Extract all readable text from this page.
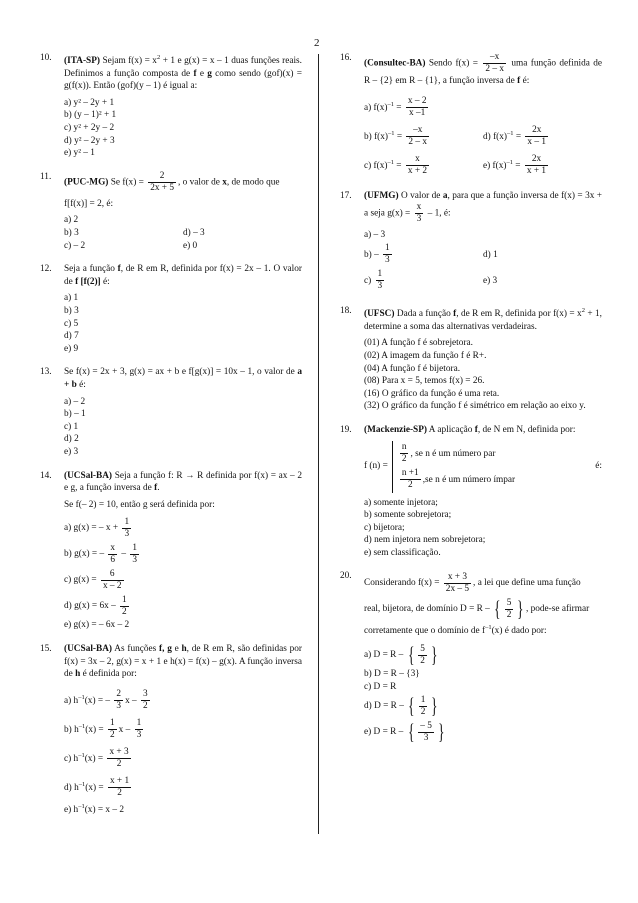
2
10. (ITA-SP) Sejam $f(x) = x^2 + 1$ e g(x) = x – 1 duas funções reais. Definimos a função composta de f e g como sendo (gof)(x) = g(f(x)). Então (gof)(y – 1) é igual a:
a) y² – 2y + 1
b) (y – 1)² + 1
c) y² + 2y – 2
d) y² – 2y + 3
e) y² – 1
11.
(PUC-MG) Se $f(x) = \frac{2}{2x + 5}$ , o valor de x, de modo que
f[f(x)] = 2, é:
a) 2
b) 3	d) – 3
c) – 2	e) 0
12. Seja a função f, de R em R, definida por f(x) = 2x – 1. O valor de f [f(2)] é:
a) 1
b) 3
c) 5
d) 7
e) 9
13. Se f(x) = 2x + 3, g(x) = ax + b e f[g(x)] = 10x – 1, o valor de a + b é:
a) – 2
b) – 1
c) 1
d) 2
e) 3
14. (UCSal-BA) Seja a função f: R → R definida por f(x) = ax – 2 e g, a função inversa de f.
Se f(– 2) = 10, então g será definida por:
a) g(x) = – $x + \frac{1}{3}$
b) g(x) = – $\frac{x}{6} - \frac{1}{3}$
c) $g(x) = \frac{6}{x - 2}$
d) $g(x) = 6x - \frac{1}{2}$
e) g(x) = – 6x – 2
15. (UCSal-BA) As funções f, g e h, de R em R, são definidas por f(x) = 3x – 2, g(x) = x + 1 e h(x) = f(x) – g(x). A função inversa de h é definida por:
a) $h^{-1}(x)$ = – $\frac{2}{3}$ x – $\frac{3}{2}$
b) $h^{-1}(x) = \frac{1}{2}$ x – $\frac{1}{3}$
c) $h^{-1}(x) = \frac{x + 3}{2}$
d) $h^{-1}(x) = \frac{x + 1}{2}$
e) $h^{-1}(x) = x - 2$
16.
(Consultec-BA) Sendo $f(x) = \frac{-x}{2 - x}$ uma função definida de R – {2} em R – {1}, a função inversa de f é:
a) $f(x)^{-1} = \frac{x - 2}{x -1}$
b) $f(x)^{-1} = \frac{-x}{2 - x}$	d) $f(x)^{-1} = \frac{2x}{x - 1}$
c) $f(x)^{-1} = \frac{x}{x + 2}$	e) $f(x)^{-1} = \frac{2x}{x + 1}$
17. (UFMG) O valor de a, para que a função inversa de f(x) = 3x + a seja $g(x) = \frac{x}{3} - 1$, é:
a) – 3
$b) - \frac{1}{3}$	d) 1
$c) \frac{1}{3}$	e) 3
18. (UFSC) Dada a função f, de R em R, definida por $f(x) = x^2 + 1$, determine a soma das alternativas verdadeiras.
(01) A função f é sobrejetora.
(02) A imagem da função f é R+.
(04) A função f é bijetora.
(08) Para x = 5, temos f(x) = 26.
(16) O gráfico da função é uma reta.
(32) O gráfico da função f é simétrico em relação ao eixo y.
19. (Mackenzie-SP) A aplicação f, de N em N, definida por:
f (n) =
$\frac{n}{2}$ , se n é um número par
$\frac{n +1}{2} ,se$ n é um número ímpar
é:
a) somente injetora;
b) somente sobrejetora;
c) bijetora;
d) nem injetora nem sobrejetora;
e) sem classificação.
20.
Considerando $f(x) = \frac{x + 3}{2x - 5}$ , a lei que define uma função
real, bijetora, de domínio D = R – { $\frac{5}{2}$ } , pode-se afirmar
corretamente que o domínio de $f^{-1}(x)$ é dado por:
a) D = R – { $\frac{5}{2}$ }
b) D = R – {3}
c) D = R
d) D = R – { $\frac{1}{2}$ }
e) D = R – { $\frac{- 5}{3}$ }
